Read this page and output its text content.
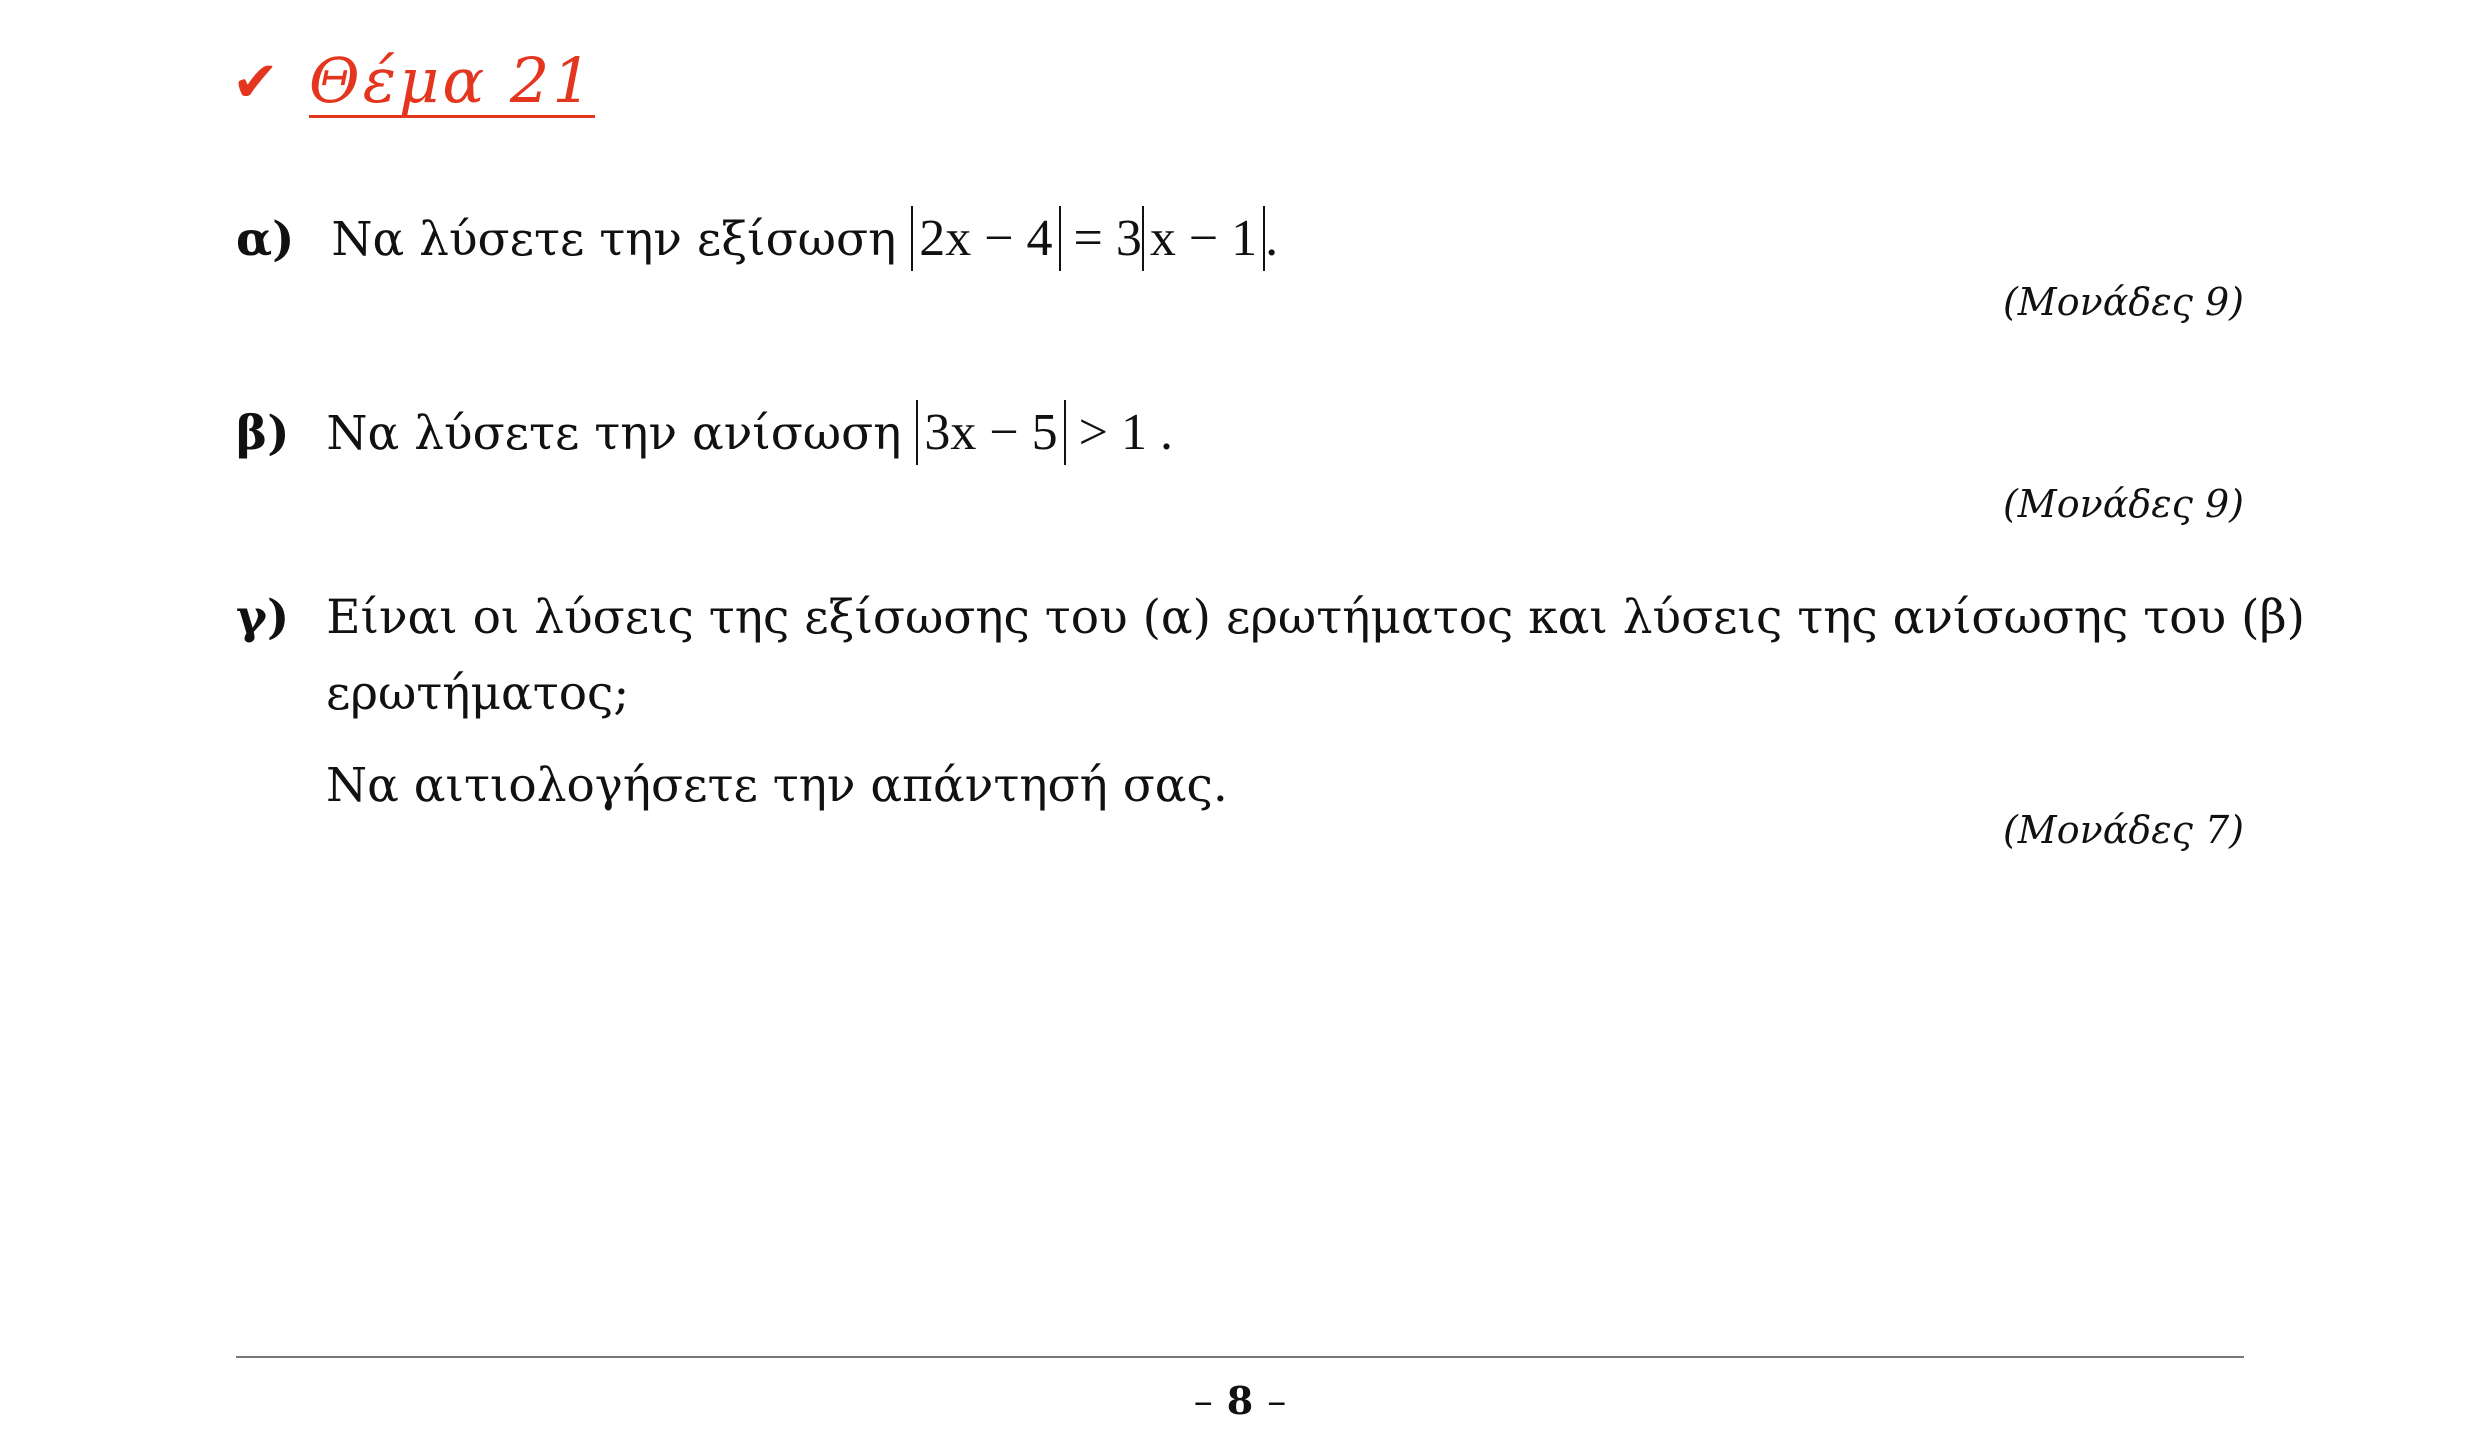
✔ Θέμα 21
α) Να λύσετε την εξίσωση 2x − 4 = 3 x − 1 .
(Μονάδες 9)
β) Να λύσετε την ανίσωση 3x − 5 > 1 .
(Μονάδες 9)
γ) Είναι οι λύσεις της εξίσωσης του (α) ερωτήματος και λύσεις της ανίσωσης του (β)
ερωτήματος;
Να αιτιολογήσετε την απάντησή σας.
(Μονάδες 7)
– 8 –
